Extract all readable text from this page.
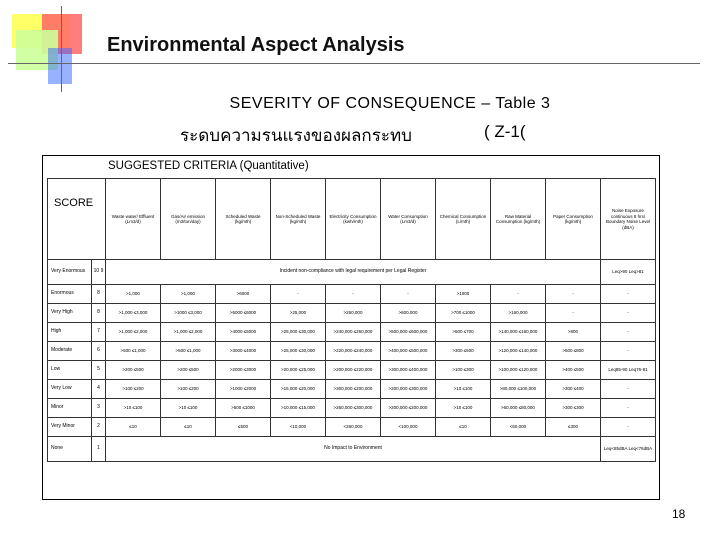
Environmental Aspect Analysis
SEVERITY OF CONSEQUENCE – Table 3
ระดบความรนแรงของผลกระทบ	( Z-1(
SUGGESTED CRITERIA (Quantitative)
SCORE		Waste water/ Effluent (Lm3/d)	Gas/Air emission (m3/ton/day)	Scheduled Waste (kg/mth)	Non-Scheduled Waste (kg/mth)	Electricity Consumption (kwh/mth)	Water Consumption (Lm3/d)	Chemical Consumption (L/mth)	Raw Material Consumption (kg/mth)	Paper Consumption (kg/mth)	Noise Exposure continuous 8 hrs/ Boundary Noise Level (dBA)
Very Enormous	10 9	Incident non-compliance with legal requirement per Legal Register									Leq>90 Leq>81
Enormous	8	>1,000	>1,000	>6000	-	-	-	>1000	-	-	-
Very High	8	>1,000 ≤3,000	>1000 ≤3,000	>5000 ≤6000	>25,000	>260,000	>600,000	>700 ≤1000	>160,000	-	-
High	7	>1,000 ≤2,000	>1,000 ≤2,000	>4000 ≤5000	>25,000 ≤30,000	>240,000 ≤260,000	>500,000 ≤600,000	>500 ≤700	>140,000 ≤160,000	>800	-
Moderate	6	>500 ≤1,000	>500 ≤1,000	>3000 ≤4000	>25,000 ≤30,000	>220,000 ≤240,000	>400,000 ≤500,000	>300 ≤500	>120,000 ≤140,000	>500 ≤800	-
Low	5	>200 ≤500	>200 ≤500	>2000 ≤3000	>20,000 ≤25,000	>200,000 ≤220,000	>300,000 ≤400,000	>100 ≤300	>100,000 ≤120,000	>400 ≤500	Leq85-90 Leq76-81
Very Low	4	>100 ≤200	>100 ≤200	>1000 ≤2000	>15,000 ≤20,000	>300,000 ≤200,000	>200,000 ≤300,000	>10 ≤100	>80,000 ≤100,000	>300 ≤400	-
Minor	3	>10 ≤100	>10 ≤100	>500 ≤1000	>10,000 ≤15,000	>260,000 ≤300,000	>200,000 ≤200,000	>10 ≤100	>60,000 ≤80,000	>300 ≤300	-
Very Minor	2	≤10	≤10	≤500	<10,000	<260,000	<100,000	≤10	<60,000	≤300	-
None	1	No Impact to Environment									Leq<85dBA Leq<76dBA
18
